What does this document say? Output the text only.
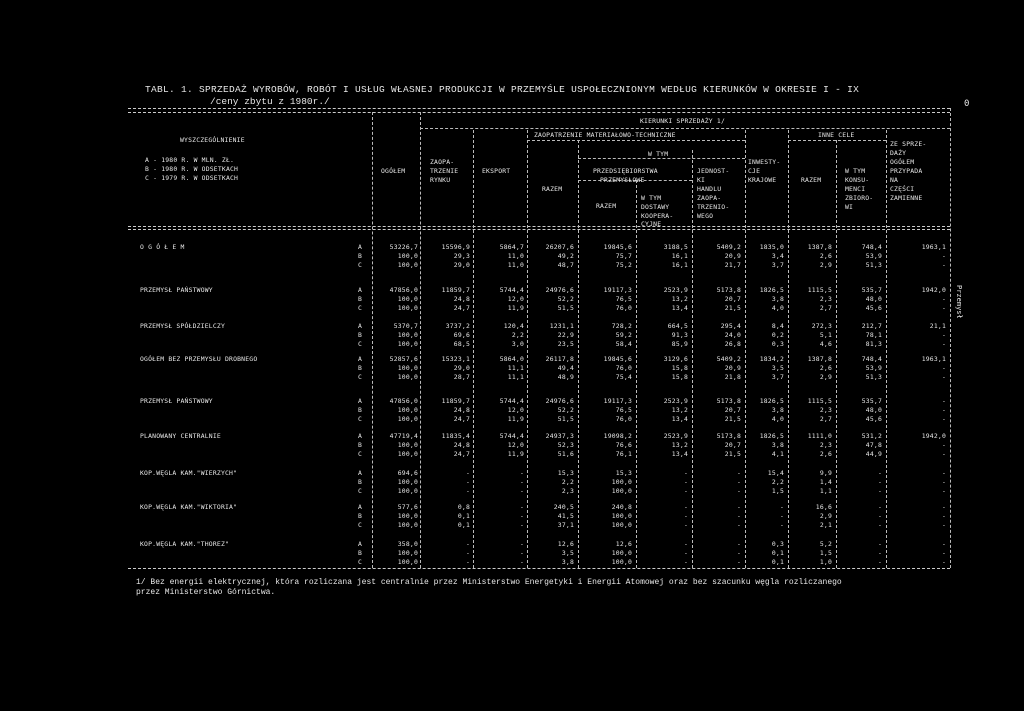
TABL. 1. SPRZEDAŻ WYROBÓW, ROBÓT I USŁUG WŁASNEJ PRODUKCJI W PRZEMYŚLE USPOŁECZNIONYM WEDŁUG KIERUNKÓW W OKRESIE I - IX
/ceny zbytu z 1980r./	0
Przemysł
KIERUNKI SPRZEDAŻY 1/
WYSZCZEGÓLNIENIE
A - 1980 R. W MLN. ZŁ.
B - 1980 R. W ODSETKACH
C - 1979 R. W ODSETKACH
OGÓŁEM
ZAOPA-
TRZENIE
RYNKU
EKSPORT
ZAOPATRZENIE MATERIAŁOWO-TECHNICZNE
RAZEM
W TYM
PRZEDSIĘBIORSTWA
PRZEMYSŁOWE
RAZEM
W TYM
DOSTAWY
KOOPERA-
CYJNE
JEDNOST-
KI
HANDLU
ZAOPA-
TRZENIO-
WEGO
INWESTY-
CJE
KRAJOWE
INNE CELE
RAZEM
W TYM
KONSU-
MENCI
ZBIORO-
WI
ZE SPRZE-
DAŻY
OGÓŁEM
PRZYPADA
NA
CZĘŚCI
ZAMIENNE
O G Ó Ł E M	A	53226,7	15596,9	5864,7	26207,6	19845,6	3188,5	5409,2	1835,0	1387,8	748,4	1963,1
B	100,0	29,3	11,0	49,2	75,7	16,1	20,9	3,4	2,6	53,9	-
C	100,0	29,0	11,0	48,7	75,2	16,1	21,7	3,7	2,9	51,3	-
PRZEMYSŁ PAŃSTWOWY	A	47856,0	11859,7	5744,4	24976,6	19117,3	2523,9	5173,8	1826,5	1115,5	535,7	1942,0
B	100,0	24,8	12,0	52,2	76,5	13,2	20,7	3,8	2,3	48,0	-
C	100,0	24,7	11,9	51,5	76,0	13,4	21,5	4,0	2,7	45,6	-
PRZEMYSŁ SPÓŁDZIELCZY	A	5370,7	3737,2	120,4	1231,1	728,2	664,5	295,4	8,4	272,3	212,7	21,1
B	100,0	69,6	2,2	22,9	59,2	91,3	24,0	0,2	5,1	78,1	-
C	100,0	68,5	3,0	23,5	58,4	85,9	26,8	0,3	4,6	81,3	-
OGÓŁEM BEZ PRZEMYSŁU DROBNEGO	A	52857,6	15323,1	5864,0	26117,8	19845,6	3129,6	5409,2	1834,2	1387,8	748,4	1963,1
B	100,0	29,0	11,1	49,4	76,0	15,8	20,9	3,5	2,6	53,9	-
C	100,0	28,7	11,1	48,9	75,4	15,8	21,8	3,7	2,9	51,3	-
PRZEMYSŁ PAŃSTWOWY	A	47856,0	11859,7	5744,4	24976,6	19117,3	2523,9	5173,8	1826,5	1115,5	535,7	-
B	100,0	24,8	12,0	52,2	76,5	13,2	20,7	3,8	2,3	48,0	-
C	100,0	24,7	11,9	51,5	76,0	13,4	21,5	4,0	2,7	45,6	-
PLANOWANY CENTRALNIE	A	47719,4	11835,4	5744,4	24937,3	19098,2	2523,9	5173,8	1826,5	1111,0	531,2	1942,0
B	100,0	24,8	12,0	52,3	76,6	13,2	20,7	3,8	2,3	47,8	-
C	100,0	24,7	11,9	51,6	76,1	13,4	21,5	4,1	2,6	44,9	-
KOP.WĘGLA KAM."WIERZYCH"	A	694,6	-	-	15,3	15,3	-	-	15,4	9,9	-	-
B	100,0	-	-	2,2	100,0	-	-	2,2	1,4	-	-
C	100,0	-	-	2,3	100,0	-	-	1,5	1,1	-	-
KOP.WĘGLA KAM."WIKTORIA"	A	577,6	0,8	-	240,5	240,8	-	-	-	16,6	-	-
B	100,0	0,1	-	41,5	100,0	-	-	-	2,9	-	-
C	100,0	0,1	-	37,1	100,0	-	-	-	2,1	-	-
KOP.WĘGLA KAM."THOREZ"	A	358,0	-	-	12,6	12,6	-	-	0,3	5,2	-	-
B	100,0	-	-	3,5	100,0	-	-	0,1	1,5	-	-
C	100,0	-	-	3,8	100,0	-	-	0,1	1,0	-	-
1/ Bez energii elektrycznej, która rozliczana jest centralnie przez Ministerstwo Energetyki i Energii Atomowej oraz bez szacunku węgla rozliczanego
przez Ministerstwo Górnictwa.
